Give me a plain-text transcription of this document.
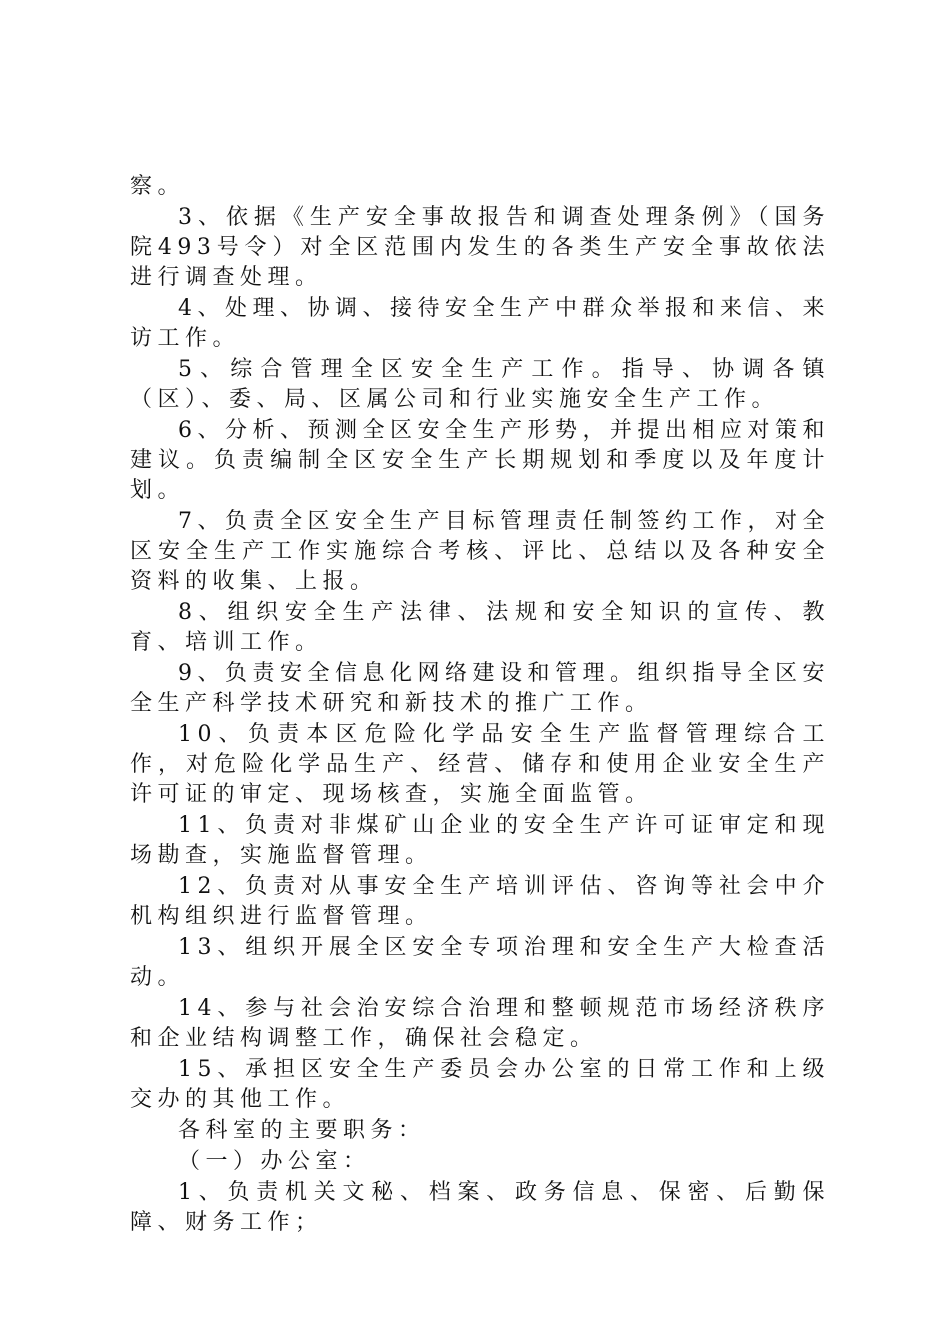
察。

3、依据《生产安全事故报告和调查处理条例》（国务院493号令）对全区范围内发生的各类生产安全事故依法进行调查处理。

4、处理、协调、接待安全生产中群众举报和来信、来访工作。

5、综合管理全区安全生产工作。指导、协调各镇（区）、委、局、区属公司和行业实施安全生产工作。

6、分析、预测全区安全生产形势，并提出相应对策和建议。负责编制全区安全生产长期规划和季度以及年度计划。

7、负责全区安全生产目标管理责任制签约工作，对全区安全生产工作实施综合考核、评比、总结以及各种安全资料的收集、上报。

8、组织安全生产法律、法规和安全知识的宣传、教育、培训工作。

9、负责安全信息化网络建设和管理。组织指导全区安全生产科学技术研究和新技术的推广工作。

10、负责本区危险化学品安全生产监督管理综合工作，对危险化学品生产、经营、储存和使用企业安全生产许可证的审定、现场核查，实施全面监管。

11、负责对非煤矿山企业的安全生产许可证审定和现场勘查，实施监督管理。

12、负责对从事安全生产培训评估、咨询等社会中介机构组织进行监督管理。

13、组织开展全区安全专项治理和安全生产大检查活动。

14、参与社会治安综合治理和整顿规范市场经济秩序和企业结构调整工作，确保社会稳定。

15、承担区安全生产委员会办公室的日常工作和上级交办的其他工作。

各科室的主要职务：

（一）办公室：

1、负责机关文秘、档案、政务信息、保密、后勤保障、财务工作；
